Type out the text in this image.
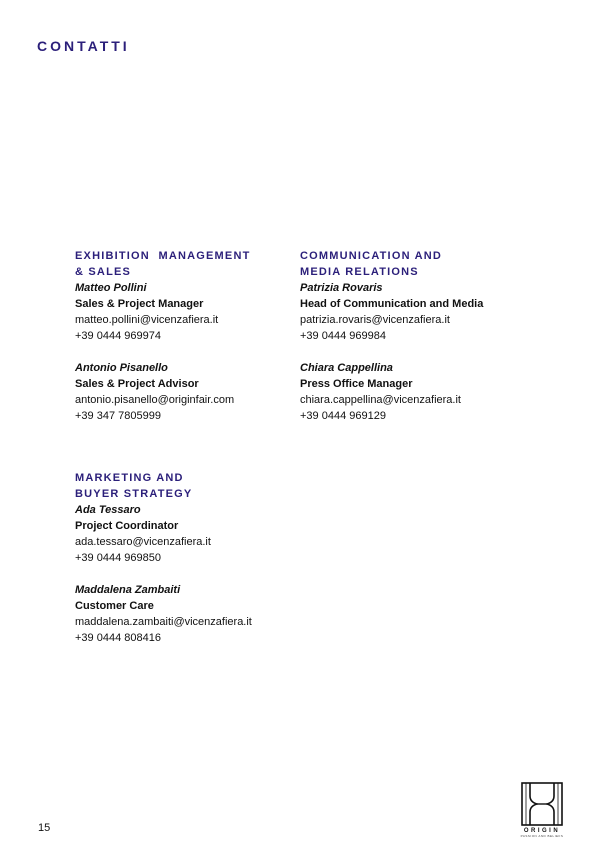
CONTATTI
EXHIBITION  MANAGEMENT
& SALES
Matteo Pollini
Sales & Project Manager
matteo.pollini@vicenzafiera.it
+39 0444 969974
Antonio Pisanello
Sales & Project Advisor
antonio.pisanello@originfair.com
+39 347 7805999
COMMUNICATION AND
MEDIA RELATIONS
Patrizia Rovaris
Head of Communication and Media
patrizia.rovaris@vicenzafiera.it
+39 0444 969984
Chiara Cappellina
Press Office Manager
chiara.cappellina@vicenzafiera.it
+39 0444 969129
MARKETING AND
BUYER STRATEGY
Ada Tessaro
Project Coordinator
ada.tessaro@vicenzafiera.it
+39 0444 969850
Maddalena Zambaiti
Customer Care
maddalena.zambaiti@vicenzafiera.it
+39 0444 808416
15	ORIGIN
PASSION AND BELIEFS
